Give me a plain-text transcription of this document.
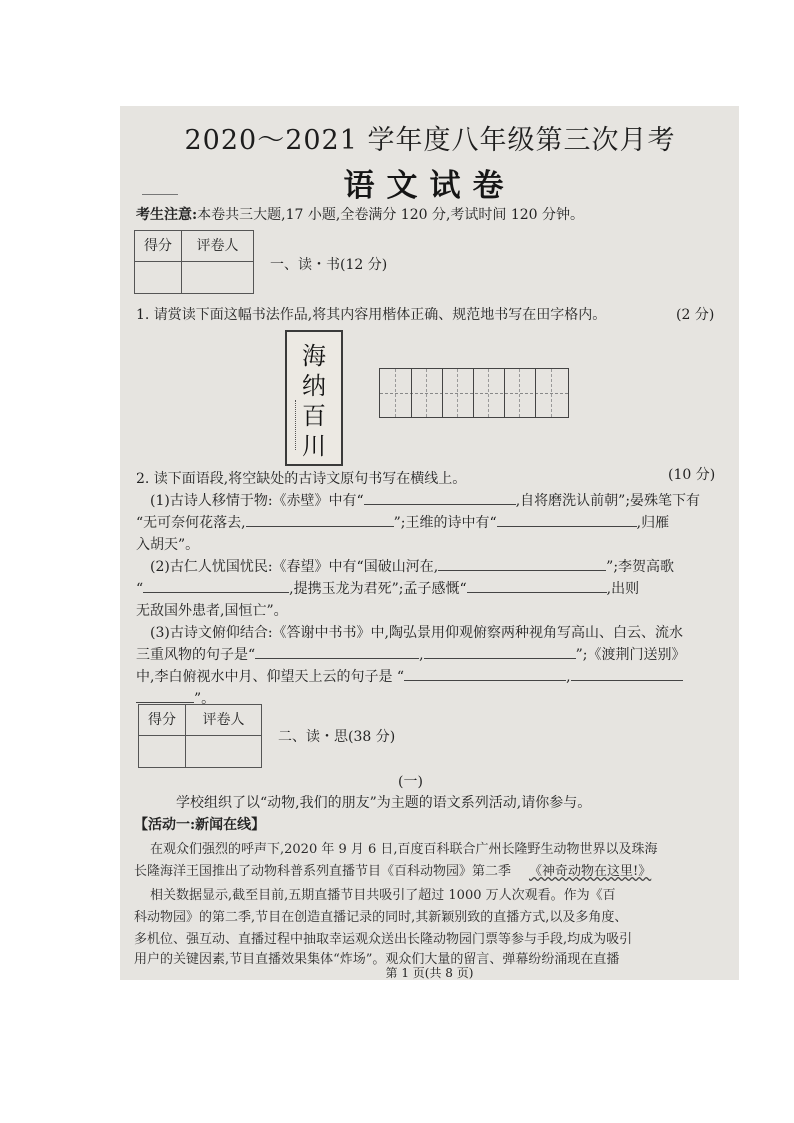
2020～2021 学年度八年级第三次月考
语文试卷
考生注意:本卷共三大题,17 小题,全卷满分 120 分,考试时间 120 分钟。
得分	评卷人
一、读・书(12 分)
1. 请赏读下面这幅书法作品,将其内容用楷体正确、规范地书写在田字格内。	(2 分)
海
纳
百
川
2. 读下面语段,将空缺处的古诗文原句书写在横线上。	(10 分)
(1)古诗人移情于物:《赤壁》中有“	,自将磨洗认前朝”;晏殊笔下有
“无可奈何花落去,	”;王维的诗中有“	,归雁
入胡天”。
(2)古仁人忧国忧民:《春望》中有“国破山河在,	”;李贺高歌
“	,提携玉龙为君死”;孟子感慨“	,出则
无敌国外患者,国恒亡”。
(3)古诗文俯仰结合:《答谢中书书》中,陶弘景用仰观俯察两种视角写高山、白云、流水
三重风物的句子是“	,	”;《渡荆门送别》
中,李白俯视水中月、仰望天上云的句子是 “	,
”。
得分	评卷人
二、读・思(38 分)
(一)
学校组织了以“动物,我们的朋友”为主题的语文系列活动,请你参与。
【活动一:新闻在线】
在观众们强烈的呼声下,2020 年 9 月 6 日,百度百科联合广州长隆野生动物世界以及珠海
长隆海洋王国推出了动物科普系列直播节目《百科动物园》第二季 《神奇动物在这里!》
相关数据显示,截至目前,五期直播节目共吸引了超过 1000 万人次观看。作为《百
科动物园》的第二季,节目在创造直播记录的同时,其新颖别致的直播方式,以及多角度、
多机位、强互动、直播过程中抽取幸运观众送出长隆动物园门票等参与手段,均成为吸引
用户的关键因素,节目直播效果集体“炸场”。观众们大量的留言、弹幕纷纷涌现在直播
第 1 页(共 8 页)
